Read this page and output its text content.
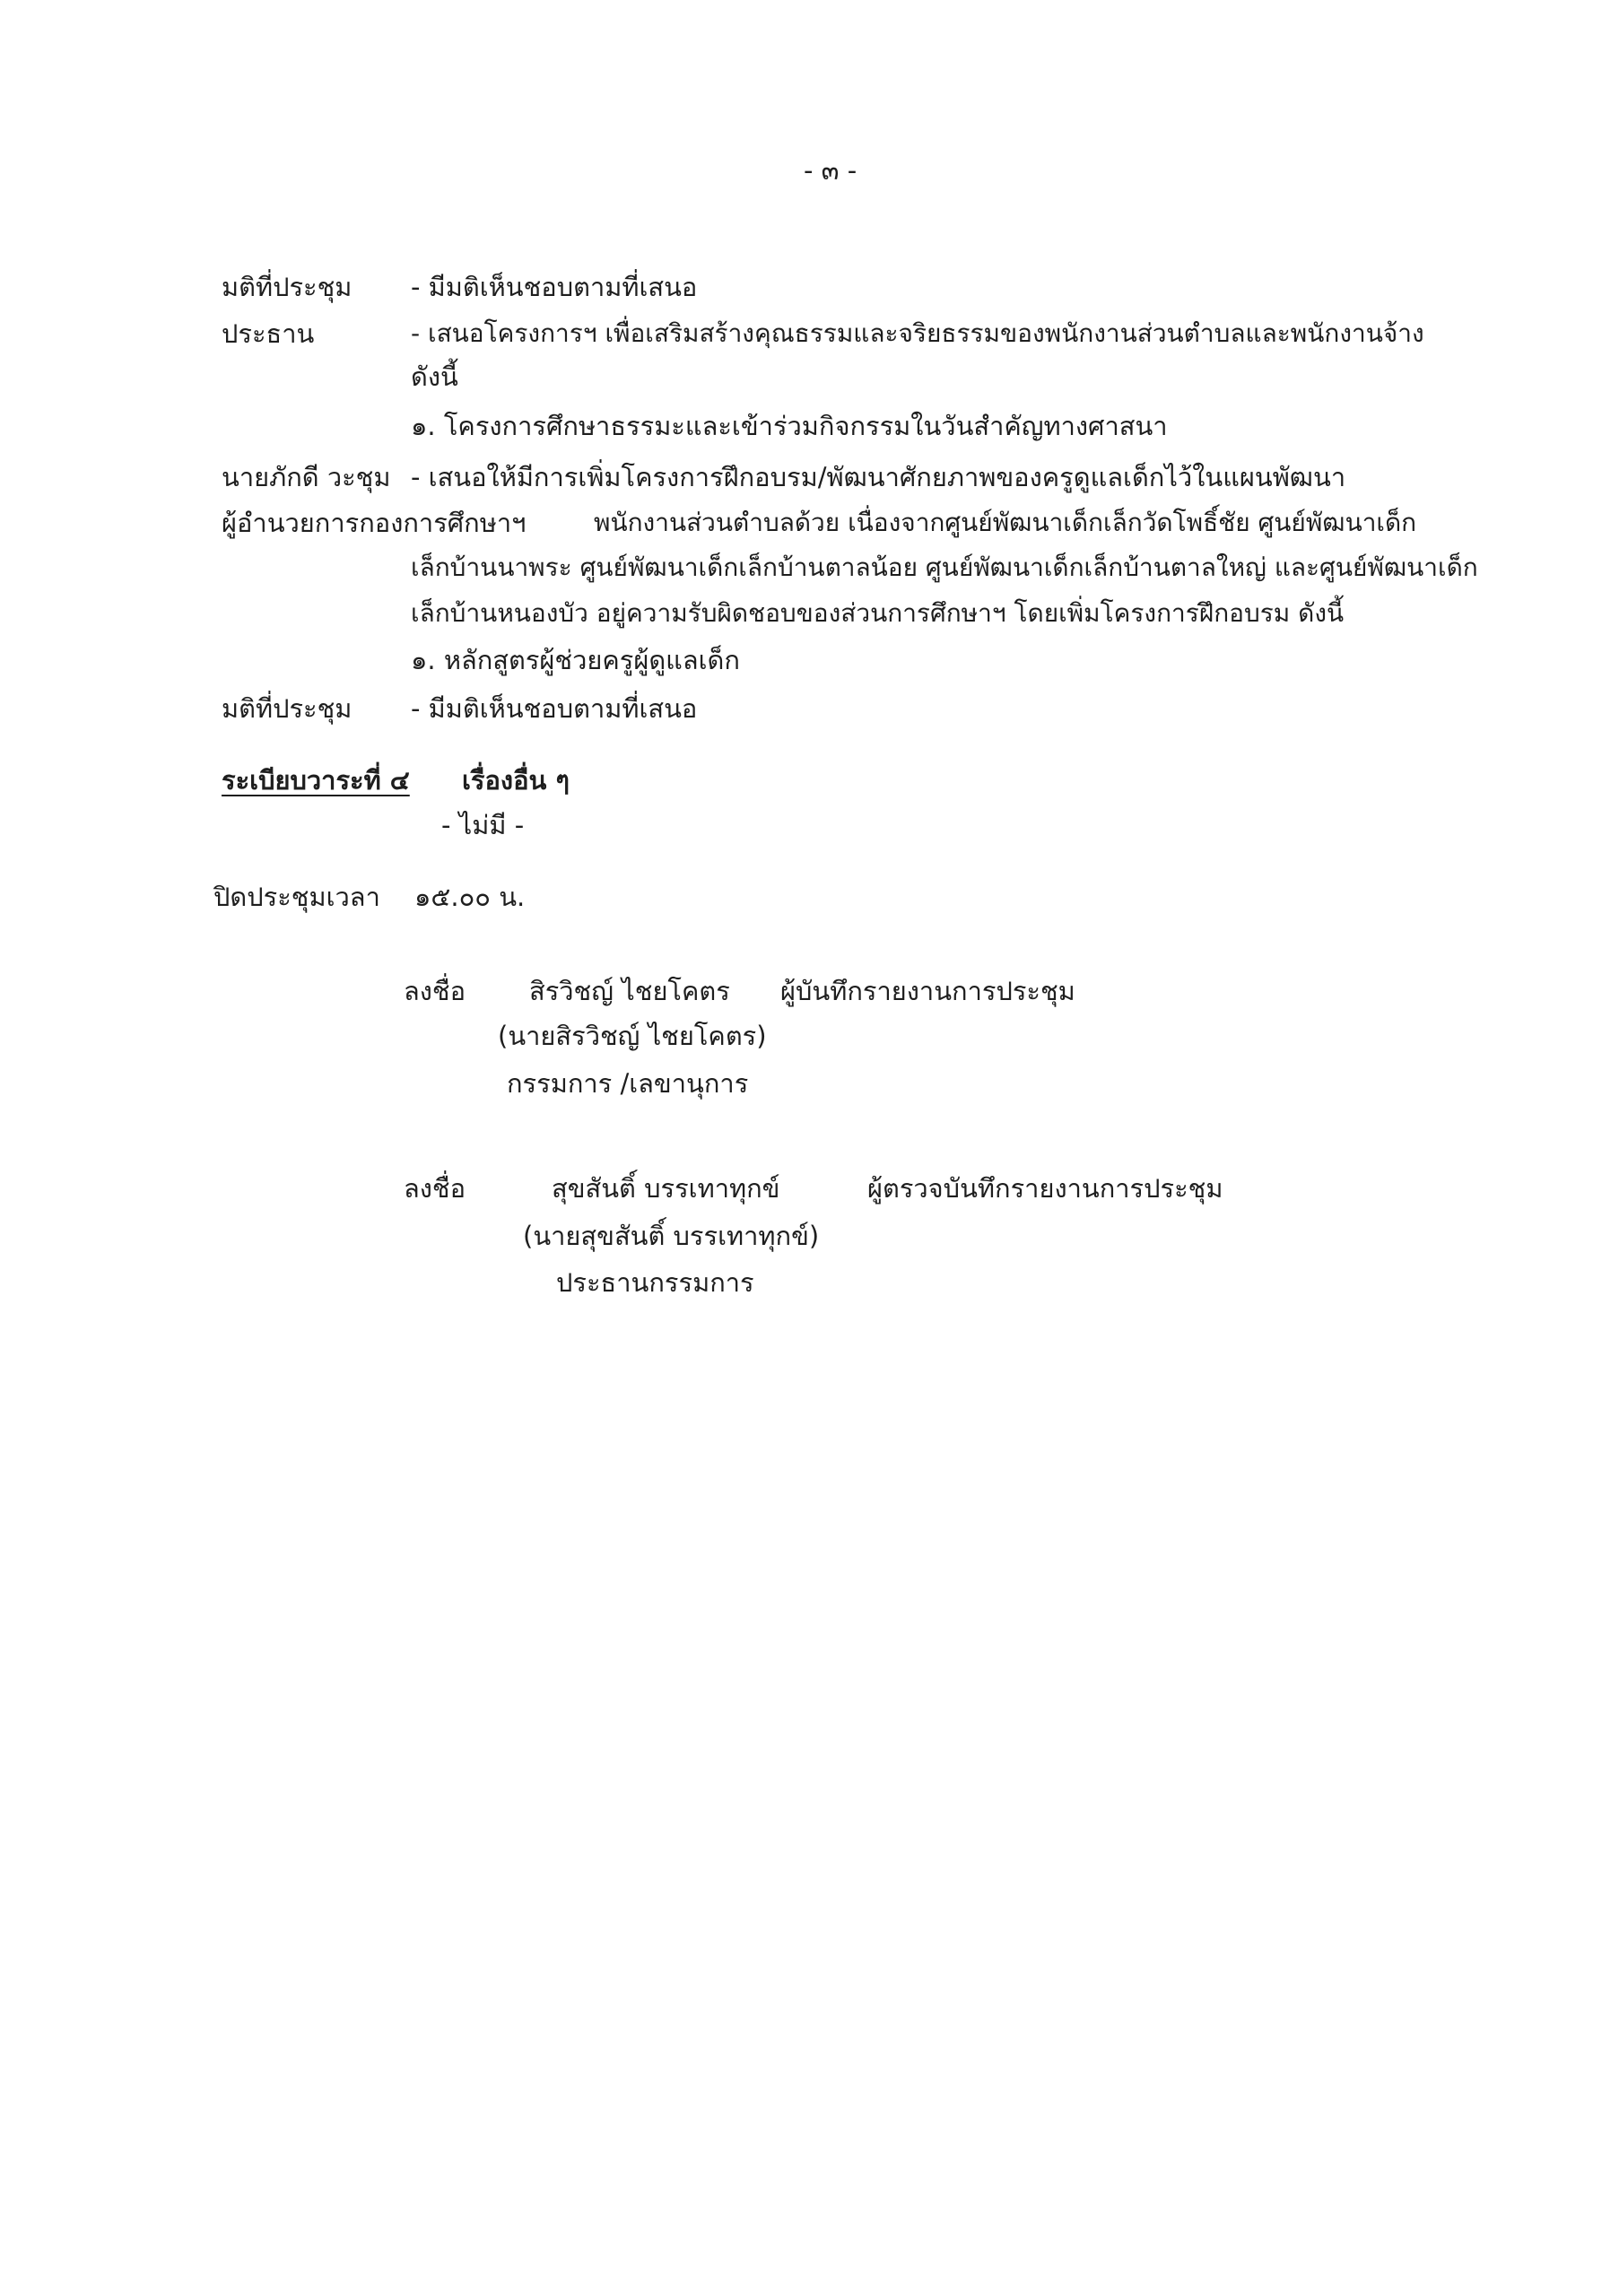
- ๓ -
มติที่ประชุม - มีมติเห็นชอบตามที่เสนอ
ประธาน	- เสนอโครงการฯ เพื่อเสริมสร้างคุณธรรมและจริยธรรมของพนักงานส่วนตำบลและพนักงานจ้าง
ดังนี้
๑. โครงการศึกษาธรรมะและเข้าร่วมกิจกรรมในวันสำคัญทางศาสนา
นายภักดี วะชุม - เสนอให้มีการเพิ่มโครงการฝึกอบรม/พัฒนาศักยภาพของครูดูแลเด็กไว้ในแผนพัฒนา
ผู้อำนวยการกองการศึกษาฯ	พนักงานส่วนตำบลด้วย เนื่องจากศูนย์พัฒนาเด็กเล็กวัดโพธิ์ชัย ศูนย์พัฒนาเด็ก
เล็กบ้านนาพระ ศูนย์พัฒนาเด็กเล็กบ้านตาลน้อย ศูนย์พัฒนาเด็กเล็กบ้านตาลใหญ่ และศูนย์พัฒนาเด็ก
เล็กบ้านหนองบัว อยู่ความรับผิดชอบของส่วนการศึกษาฯ โดยเพิ่มโครงการฝึกอบรม ดังนี้
๑. หลักสูตรผู้ช่วยครูผู้ดูแลเด็ก
มติที่ประชุม - มีมติเห็นชอบตามที่เสนอ
ระเบียบวาระที่ ๔ เรื่องอื่น ๆ
- ไม่มี -
ปิดประชุมเวลา ๑๕.๐๐ น.
ลงชื่อ สิรวิชญ์ ไชยโคตร ผู้บันทึกรายงานการประชุม
(นายสิรวิชญ์ ไชยโคตร)
กรรมการ /เลขานุการ
ลงชื่อ	สุขสันติ์ บรรเทาทุกข์	ผู้ตรวจบันทึกรายงานการประชุม
(นายสุขสันติ์ บรรเทาทุกข์)
ประธานกรรมการ
